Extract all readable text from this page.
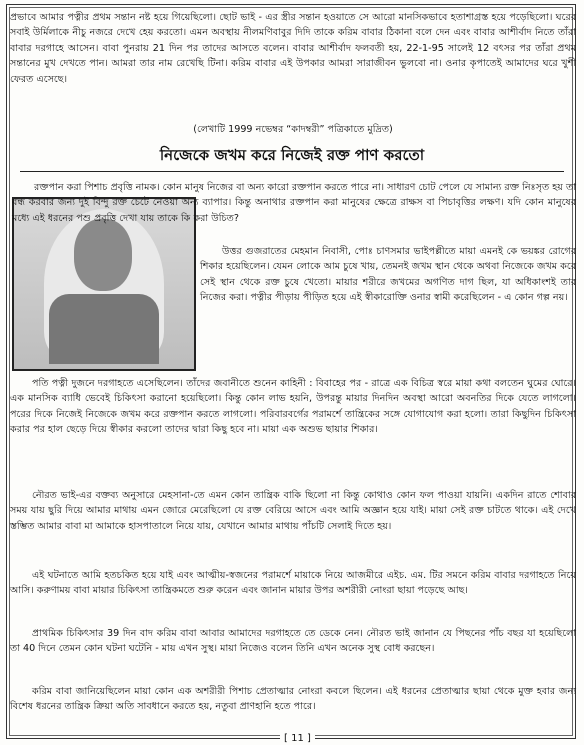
প্রভাবে আমার পত্নীর প্রথম সন্তান নষ্ট হয়ে গিয়েছিলো। ছোট ভাই - এর স্ত্রীর সন্তান হওয়াতে সে আরো মানসিকভাবে হতাশাগ্রস্ত হয়ে পড়েছিলো। ঘরের সবাই উর্মিলাকে নীচু নজরে দেখে হেয় করতো। এমন অবস্থায় নীলমণিবাবুর দিদি তাকে করিম বাবার ঠিকানা বলে দেন এবং বাবার আশীর্বাদ নিতে তাঁরা বাবার দরগাহে আসেন। বাবা পুনরায় 21 দিন পর তাদের আসতে বলেন। বাবার আশীর্বাদ ফলবতী হয়, 22-1-95 সালেই 12 বৎসর পর তাঁরা প্রথম সন্তানের মুখ দেখতে পান। আমরা তার নাম রেখেছি টিনা। করিম বাবার এই উপকার আমরা সারাজীবন ভুলবো না। ওনার কৃপাতেই আমাদের ঘরে খুশী ফেরত এসেছে।

(লেখাটি 1999 নভেম্বর “কাদম্বরী” পত্রিকাতে মুদ্রিত)

নিজেকে জখম করে নিজেই রক্ত পাণ করতো

রক্তপান করা পিশাচ প্রবৃত্তি নামক। কোন মানুষ নিজের বা অন্য কারো রক্তপান করতে পারে না। সাধারণ চোট পেলে যে সামান্য রক্ত নিঃসৃত হয় তা বন্ধ করবার জন্য দুই বিন্দু রক্ত চেটে নেওয়া অন্য ব্যাপার। কিন্তু অনাথার রক্তপান করা মানুষের ক্ষেত্রে রাক্ষস বা পিচাবৃত্তির লক্ষণ। যদি কোন মানুষের মধ্যে এই ধরনের পশু প্রবৃত্তি দেখা যায় তাকে কি করা উচিত?

উত্তর গুজরাতের মেহমান নিবাসী, পোঃ চাণসমার ভাইপল্লীতে মায়া এমনই কে ভয়ঙ্কর রোগের শিকার হয়েছিলেন। যেমন লোকে আম চুষে খায়, তেমনই জখম স্থান থেকে অথবা নিজেকে জখম করে সেই স্থান থেকে রক্ত চুষে খেতো। মায়ার শরীরে জখমের অগণিত দাগ ছিল, যা অধিকাংশই তার নিজের করা। পত্নীর পীড়ায় পীড়িত হয়ে এই স্বীকারোক্তি ওনার স্বামী করেছিলেন - এ কোন গল্প নয়।

পতি পত্নী দুজনে দরগাহতে এসেছিলেন। তাঁদের জবানীতে শুনেন কাহিনী : বিবাহের পর - রাত্রে এক বিচিত্র স্বরে মায়া কথা বলতেন ঘুমের ঘোরে। এক মানসিক ব্যাধি ভেবেই চিকিৎসা করানো হয়েছিলো। কিন্তু কোন লাভ হয়নি, উপরন্তু মায়ার দিনদিন অবস্থা আরো অবনতির দিকে যেতে লাগলো। পরের দিকে নিজেই নিজেকে জখম করে রক্তপান করতে লাগলো। পরিবারবর্গের পরামর্শে তান্ত্রিকের সঙ্গে যোগাযোগ করা হলো। তারা কিছুদিন চিকিৎসা করার পর হাল ছেড়ে দিয়ে স্বীকার করলো তাদের দ্বারা কিছু হবে না। মায়া এক অশুভ ছায়ার শিকার।

নৌরত ভাই-এর বক্তব্য অনুসারে মেহসানা-তে এমন কোন তান্ত্রিক বাকি ছিলো না কিন্তু কোথাও কোন ফল পাওয়া যায়নি। একদিন রাতে শোবার সময় যায় ছুরি দিয়ে আমার মাথায় এমন জোরে মেরেছিলো যে রক্ত বেরিয়ে আসে এবং আমি অজ্ঞান হয়ে যাই। মায়া সেই রক্ত চাটতে থাকে। এই দেখে স্তম্ভিত আমার বাবা মা আমাকে হাসপাতালে নিয়ে যায়, যেখানে আমার মাথায় পাঁচটি সেলাই দিতে হয়।

এই ঘটনাতে আমি হতচকিত হয়ে যাই এবং আত্মীয়-স্বজনের পরামর্শে মায়াকে নিয়ে আজমীরে এইচ. এম. টির সমনে করিম বাবার দরগাহতে নিয়ে আসি। করুণাময় বাবা মায়ার চিকিৎসা তান্ত্রিকমতে শুরু করেন এবং জানান মায়ার উপর অশরীরী নোংরা ছায়া পড়েছে আছ।

প্রাথমিক চিকিৎসার 39 দিন বাদ করিম বাবা আবার আমাদের দরগাহতে তে ডেকে নেন। নৌরত ভাই জানান যে পিছনের পাঁচ বছর যা হয়েছিলো তা 40 দিনে তেমন কোন ঘটনা ঘটেনি - মায় এখন সুস্থ। মায়া নিজেও বলেন তিনি এখন অনেক সুস্থ বোধ করছেন।

করিম বাবা জানিয়েছিলেন মায়া কোন এক অশরীরী পিশাচ প্রেতাত্মার নোংরা কবলে ছিলেন। এই ধরনের প্রেতাত্মার ছায়া থেকে মুক্ত হবার জন্য বিশেষ ধরনের তান্ত্রিক ক্রিয়া অতি সাবধানে করতে হয়, নতুবা প্রাণহানি হতে পারে।

[ 11 ]
